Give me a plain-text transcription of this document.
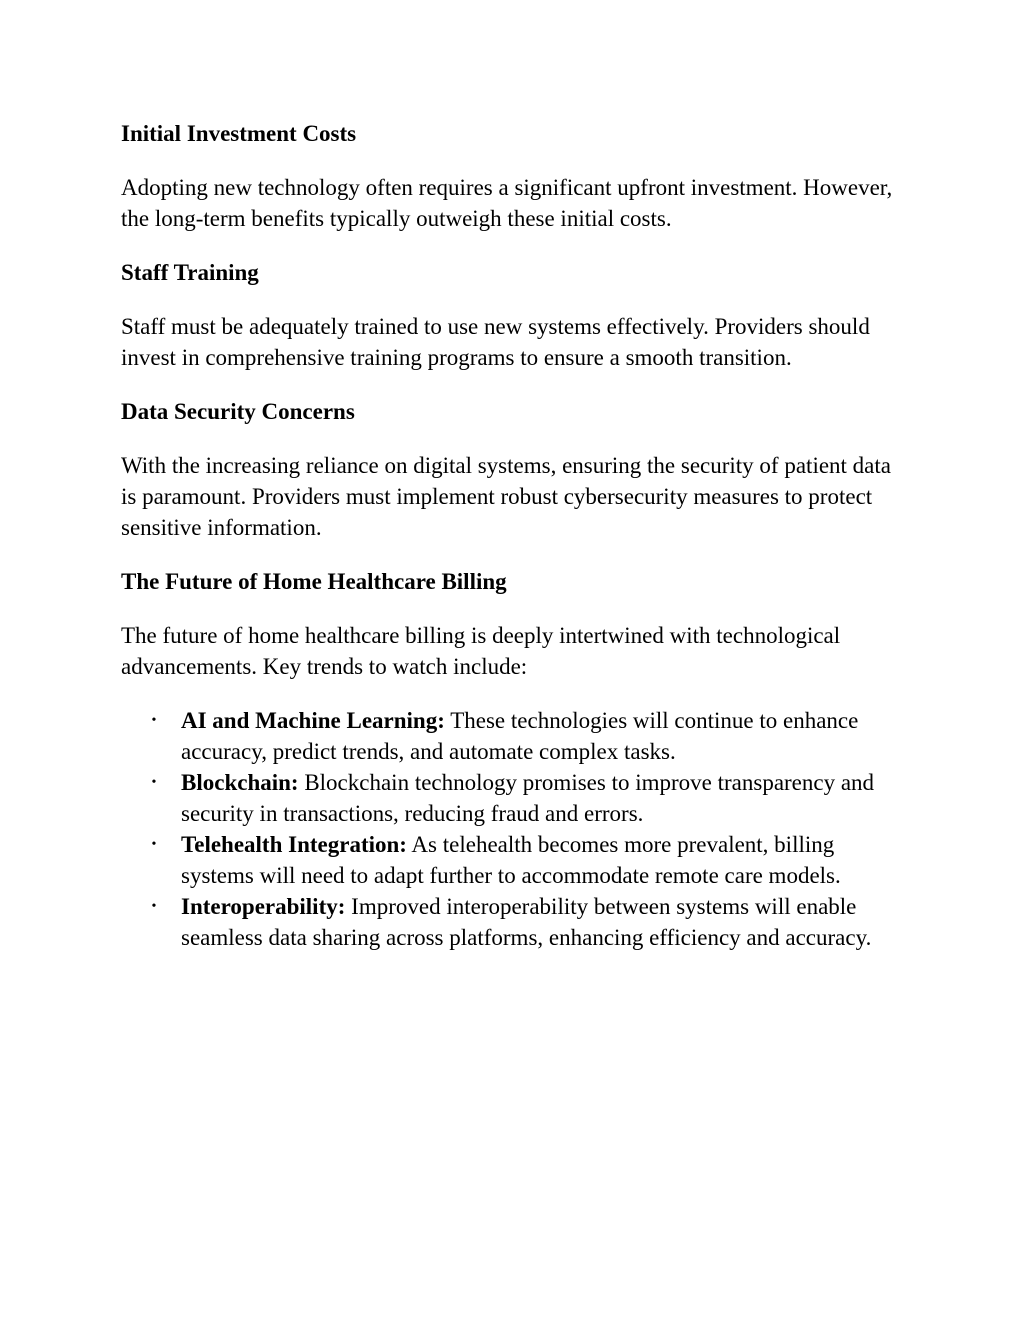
Initial Investment Costs

Adopting new technology often requires a significant upfront investment. However, the long-term benefits typically outweigh these initial costs.

Staff Training

Staff must be adequately trained to use new systems effectively. Providers should invest in comprehensive training programs to ensure a smooth transition.

Data Security Concerns

With the increasing reliance on digital systems, ensuring the security of patient data is paramount. Providers must implement robust cybersecurity measures to protect sensitive information.

The Future of Home Healthcare Billing

The future of home healthcare billing is deeply intertwined with technological advancements. Key trends to watch include:

• AI and Machine Learning: These technologies will continue to enhance accuracy, predict trends, and automate complex tasks.
• Blockchain: Blockchain technology promises to improve transparency and security in transactions, reducing fraud and errors.
• Telehealth Integration: As telehealth becomes more prevalent, billing systems will need to adapt further to accommodate remote care models.
• Interoperability: Improved interoperability between systems will enable seamless data sharing across platforms, enhancing efficiency and accuracy.
